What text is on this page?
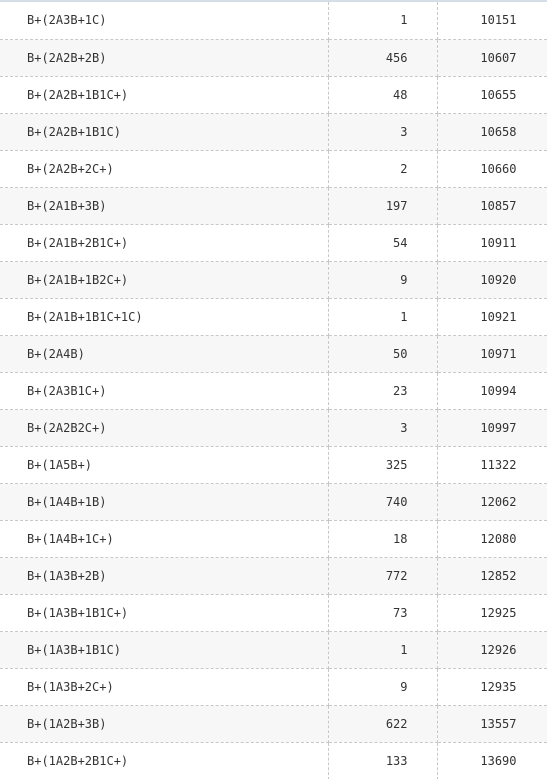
B+(2A3B+1C)	1	10151
B+(2A2B+2B)	456	10607
B+(2A2B+1B1C+)	48	10655
B+(2A2B+1B1C)	3	10658
B+(2A2B+2C+)	2	10660
B+(2A1B+3B)	197	10857
B+(2A1B+2B1C+)	54	10911
B+(2A1B+1B2C+)	9	10920
B+(2A1B+1B1C+1C)	1	10921
B+(2A4B)	50	10971
B+(2A3B1C+)	23	10994
B+(2A2B2C+)	3	10997
B+(1A5B+)	325	11322
B+(1A4B+1B)	740	12062
B+(1A4B+1C+)	18	12080
B+(1A3B+2B)	772	12852
B+(1A3B+1B1C+)	73	12925
B+(1A3B+1B1C)	1	12926
B+(1A3B+2C+)	9	12935
B+(1A2B+3B)	622	13557
B+(1A2B+2B1C+)	133	13690
